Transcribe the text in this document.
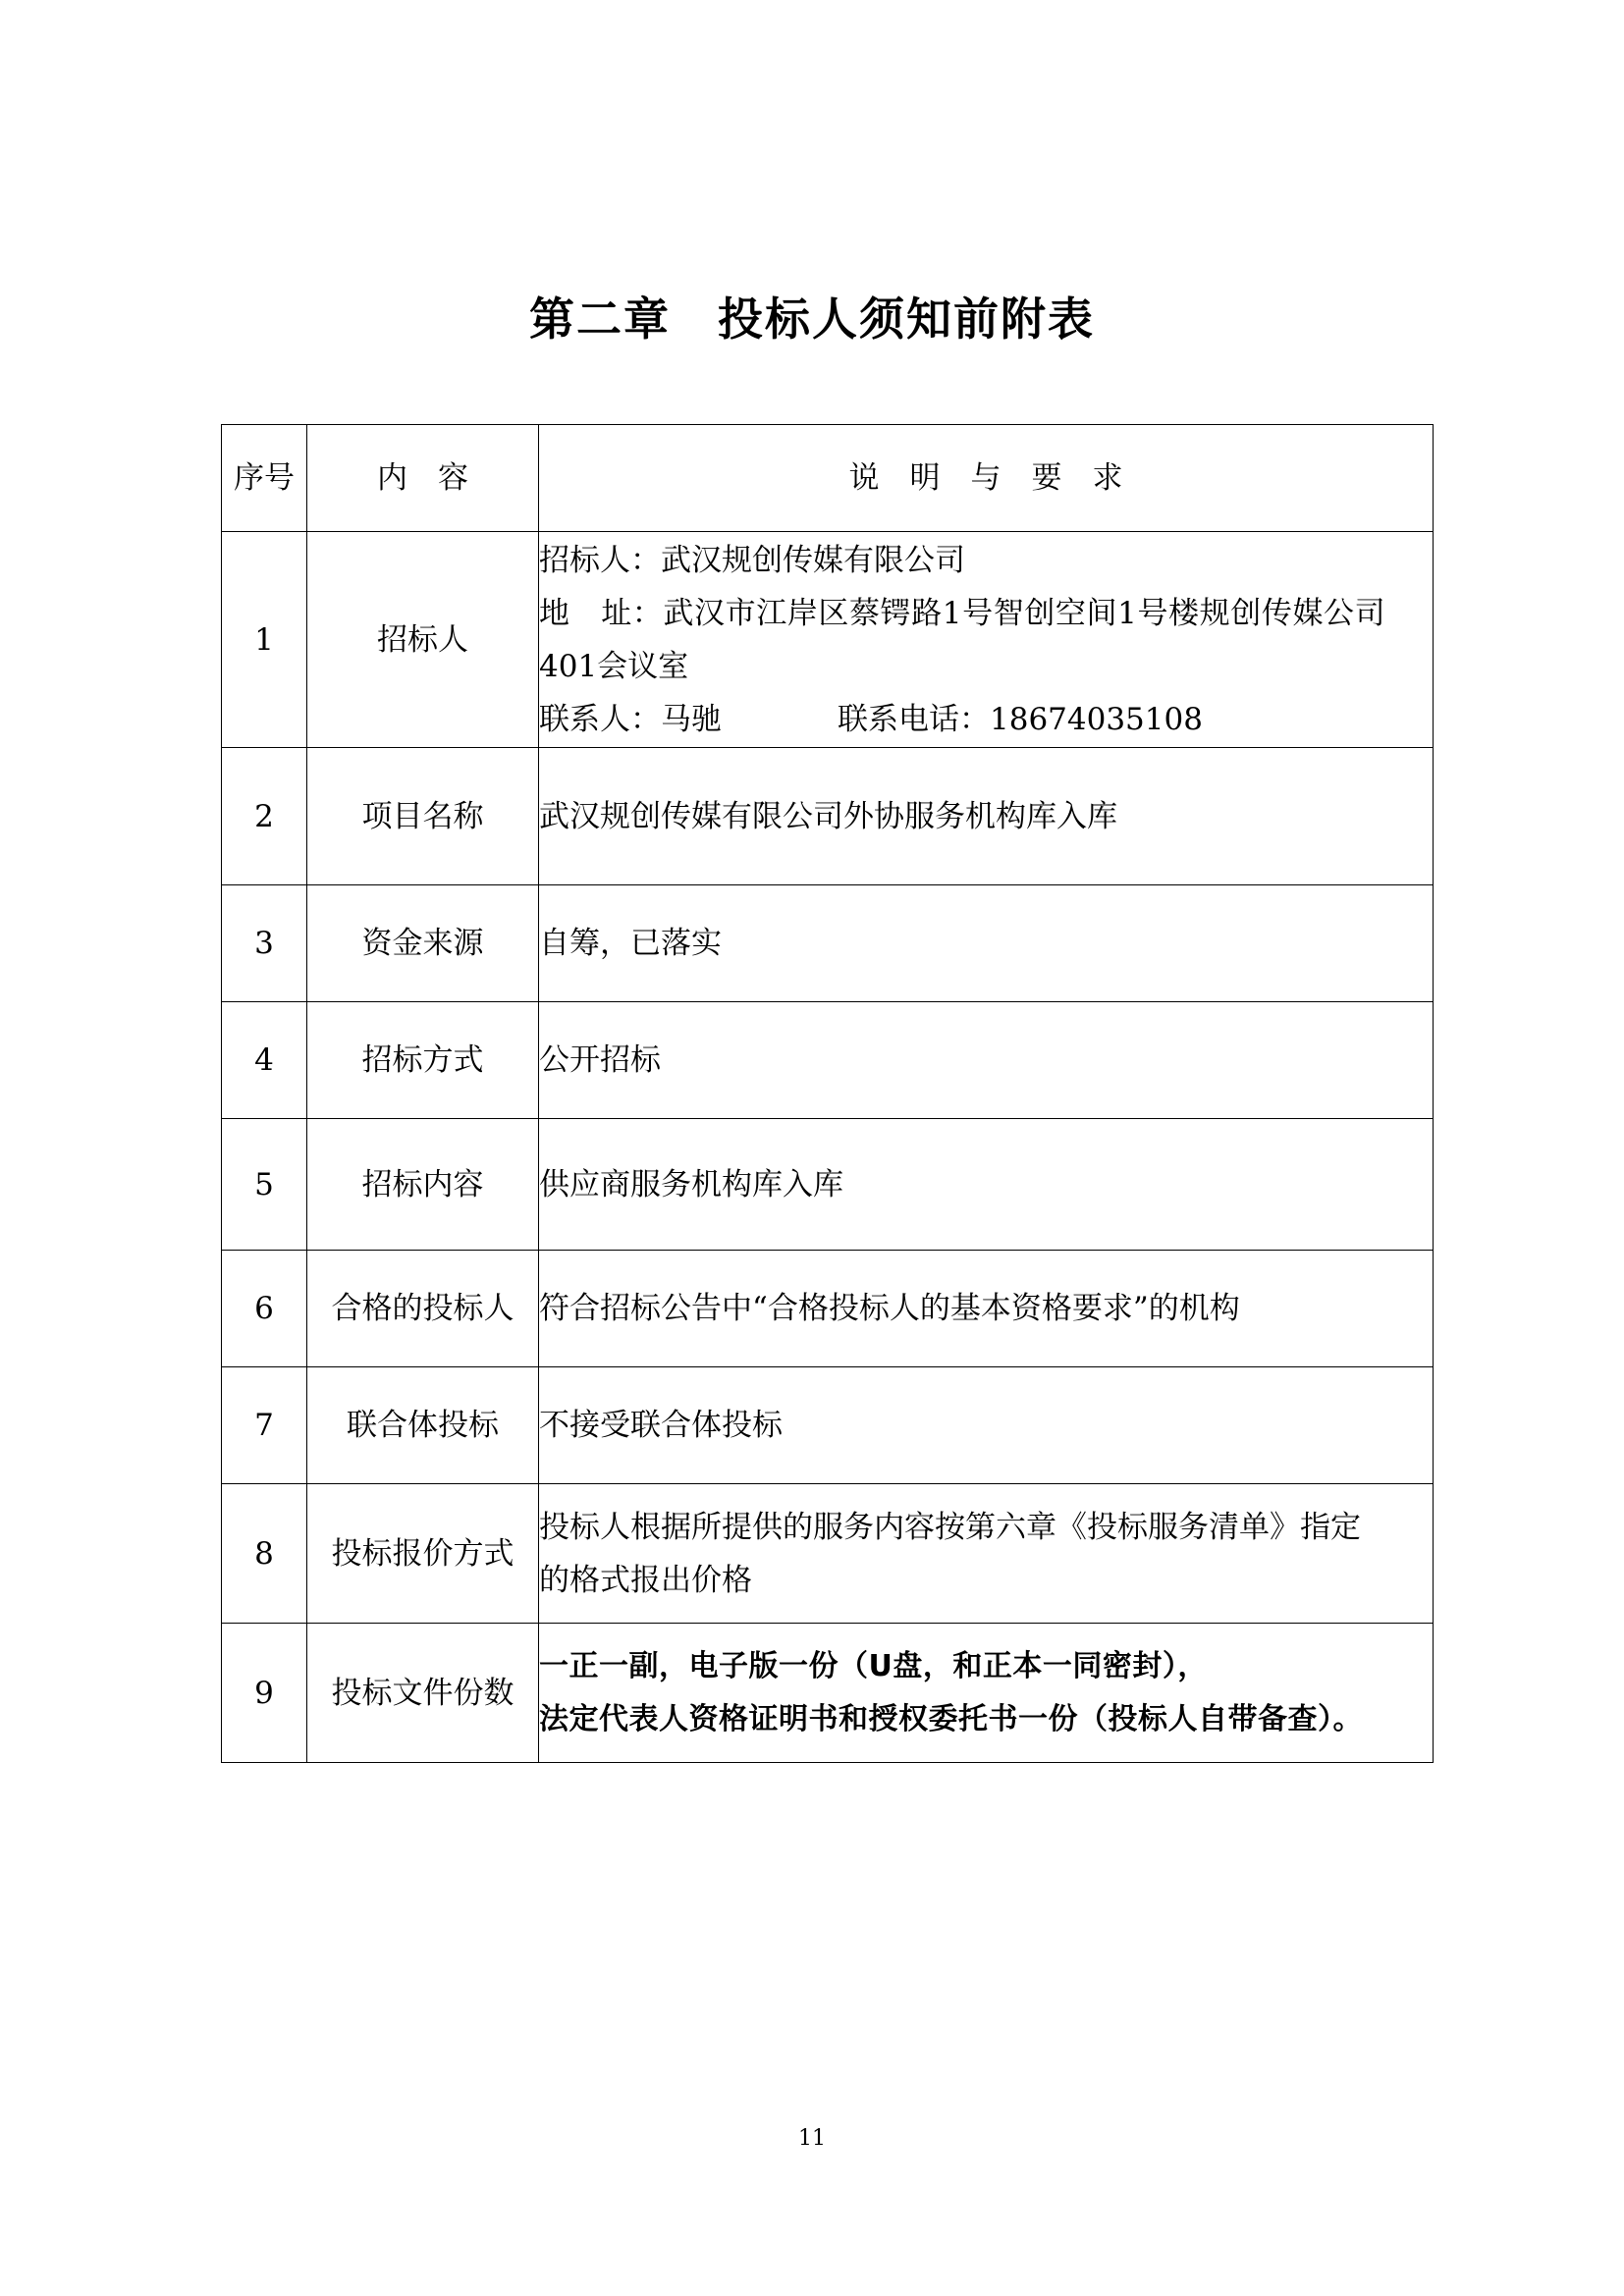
第二章　投标人须知前附表
序号	内　容	说　明　与　要　求
1	招标人	招标人：武汉规创传媒有限公司
地　址：武汉市江岸区蔡锷路1号智创空间1号楼规创传媒公司
401会议室
联系人：马驰 联系电话：18674035108

2	项目名称	武汉规创传媒有限公司外协服务机构库入库
3	资金来源	自筹，已落实
4	招标方式	公开招标
5	招标内容	供应商服务机构库入库
6	合格的投标人	符合招标公告中“合格投标人的基本资格要求”的机构
7	联合体投标	不接受联合体投标
8	投标报价方式	投标人根据所提供的服务内容按第六章《投标服务清单》指定
的格式报出价格

9	投标文件份数	一正一副，电子版一份（U盘，和正本一同密封），
法定代表人资格证明书和授权委托书一份（投标人自带备查）。
11
